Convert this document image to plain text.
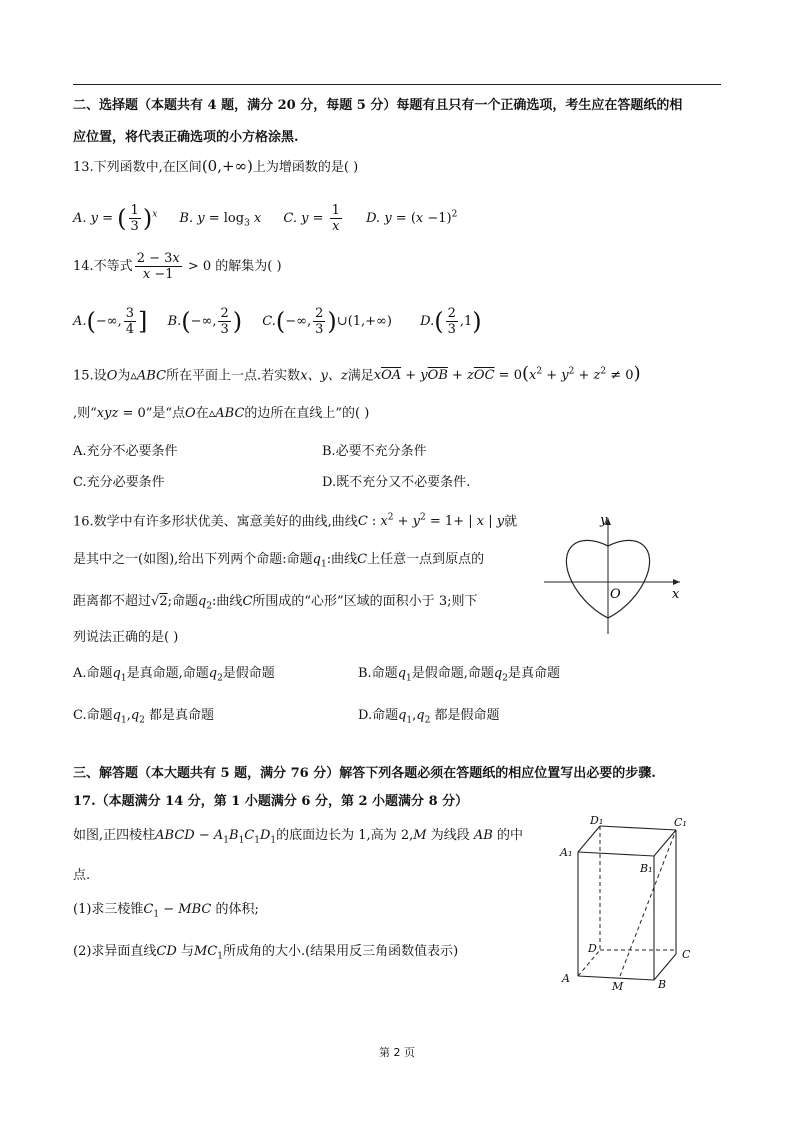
二、选择题（本题共有 4 题，满分 20 分，每题 5 分）每题有且只有一个正确选项，考生应在答题纸的相
应位置，将代表正确选项的小方格涂黑.
13.下列函数中,在区间(0,+∞)上为增函数的是( )
A. y = ( $\frac{1}{3} )^x$ B. $y = \log_3 x$ C. $y = \frac{1}{x} D$. $y = (x -1)^2$
14.不等式 $\frac{2 - 3x}{x -1} > 0$ 的解集为( )
A.(−∞, $\frac{3}{4}$ ] B.(−∞, $\frac{2}{3}$ ) C.(−∞, $\frac{2}{3}$ )∪(1,+∞) $D.( \frac{2}{3} ,1)$
15.设O为▵ABC所在平面上一点.若实数x、y、z满足$x\overline{OA} + y\overline{OB} + z\overline{OC} = 0(x^2 + y^2 + z^2 \ne 0)$
,则“xyz = 0”是“点O在▵ABC的边所在直线上”的( )
A.充分不必要条件	B.必要不充分条件
C.充分必要条件	D.既不充分又不必要条件.
16.数学中有许多形状优美、寓意美好的曲线,曲线C : $x^2 + y^2 = 1+$ | x | y就
是其中之一(如图),给出下列两个命题:命题$q_1$:曲线C上任意一点到原点的
距离都不超过√2;命题$q_2$:曲线C所围成的“心形”区域的面积小于 3;则下
列说法正确的是( )
y
x
O
A.命题$q_1$是真命题,命题$q_2$是假命题	B.命题$q_1$是假命题,命题$q_2$是真命题
C.命题$q_1,q_2$ 都是真命题	D.命题$q_1,q_2$ 都是假命题
三、解答题（本大题共有 5 题，满分 76 分）解答下列各题必须在答题纸的相应位置写出必要的步骤.
17.（本题满分 14 分，第 1 小题满分 6 分，第 2 小题满分 8 分）
如图,正四棱柱ABCD − $A_1B_1C_1D_1$的底面边长为 1,高为 2,M 为线段 AB 的中
点.
(1)求三棱锥$C_1$ − MBC 的体积;
(2)求异面直线CD 与$MC_1$所成角的大小.(结果用反三角函数值表示)
D₁	C₁
A₁
B₁
D	C
A
M	B
第 2 页
